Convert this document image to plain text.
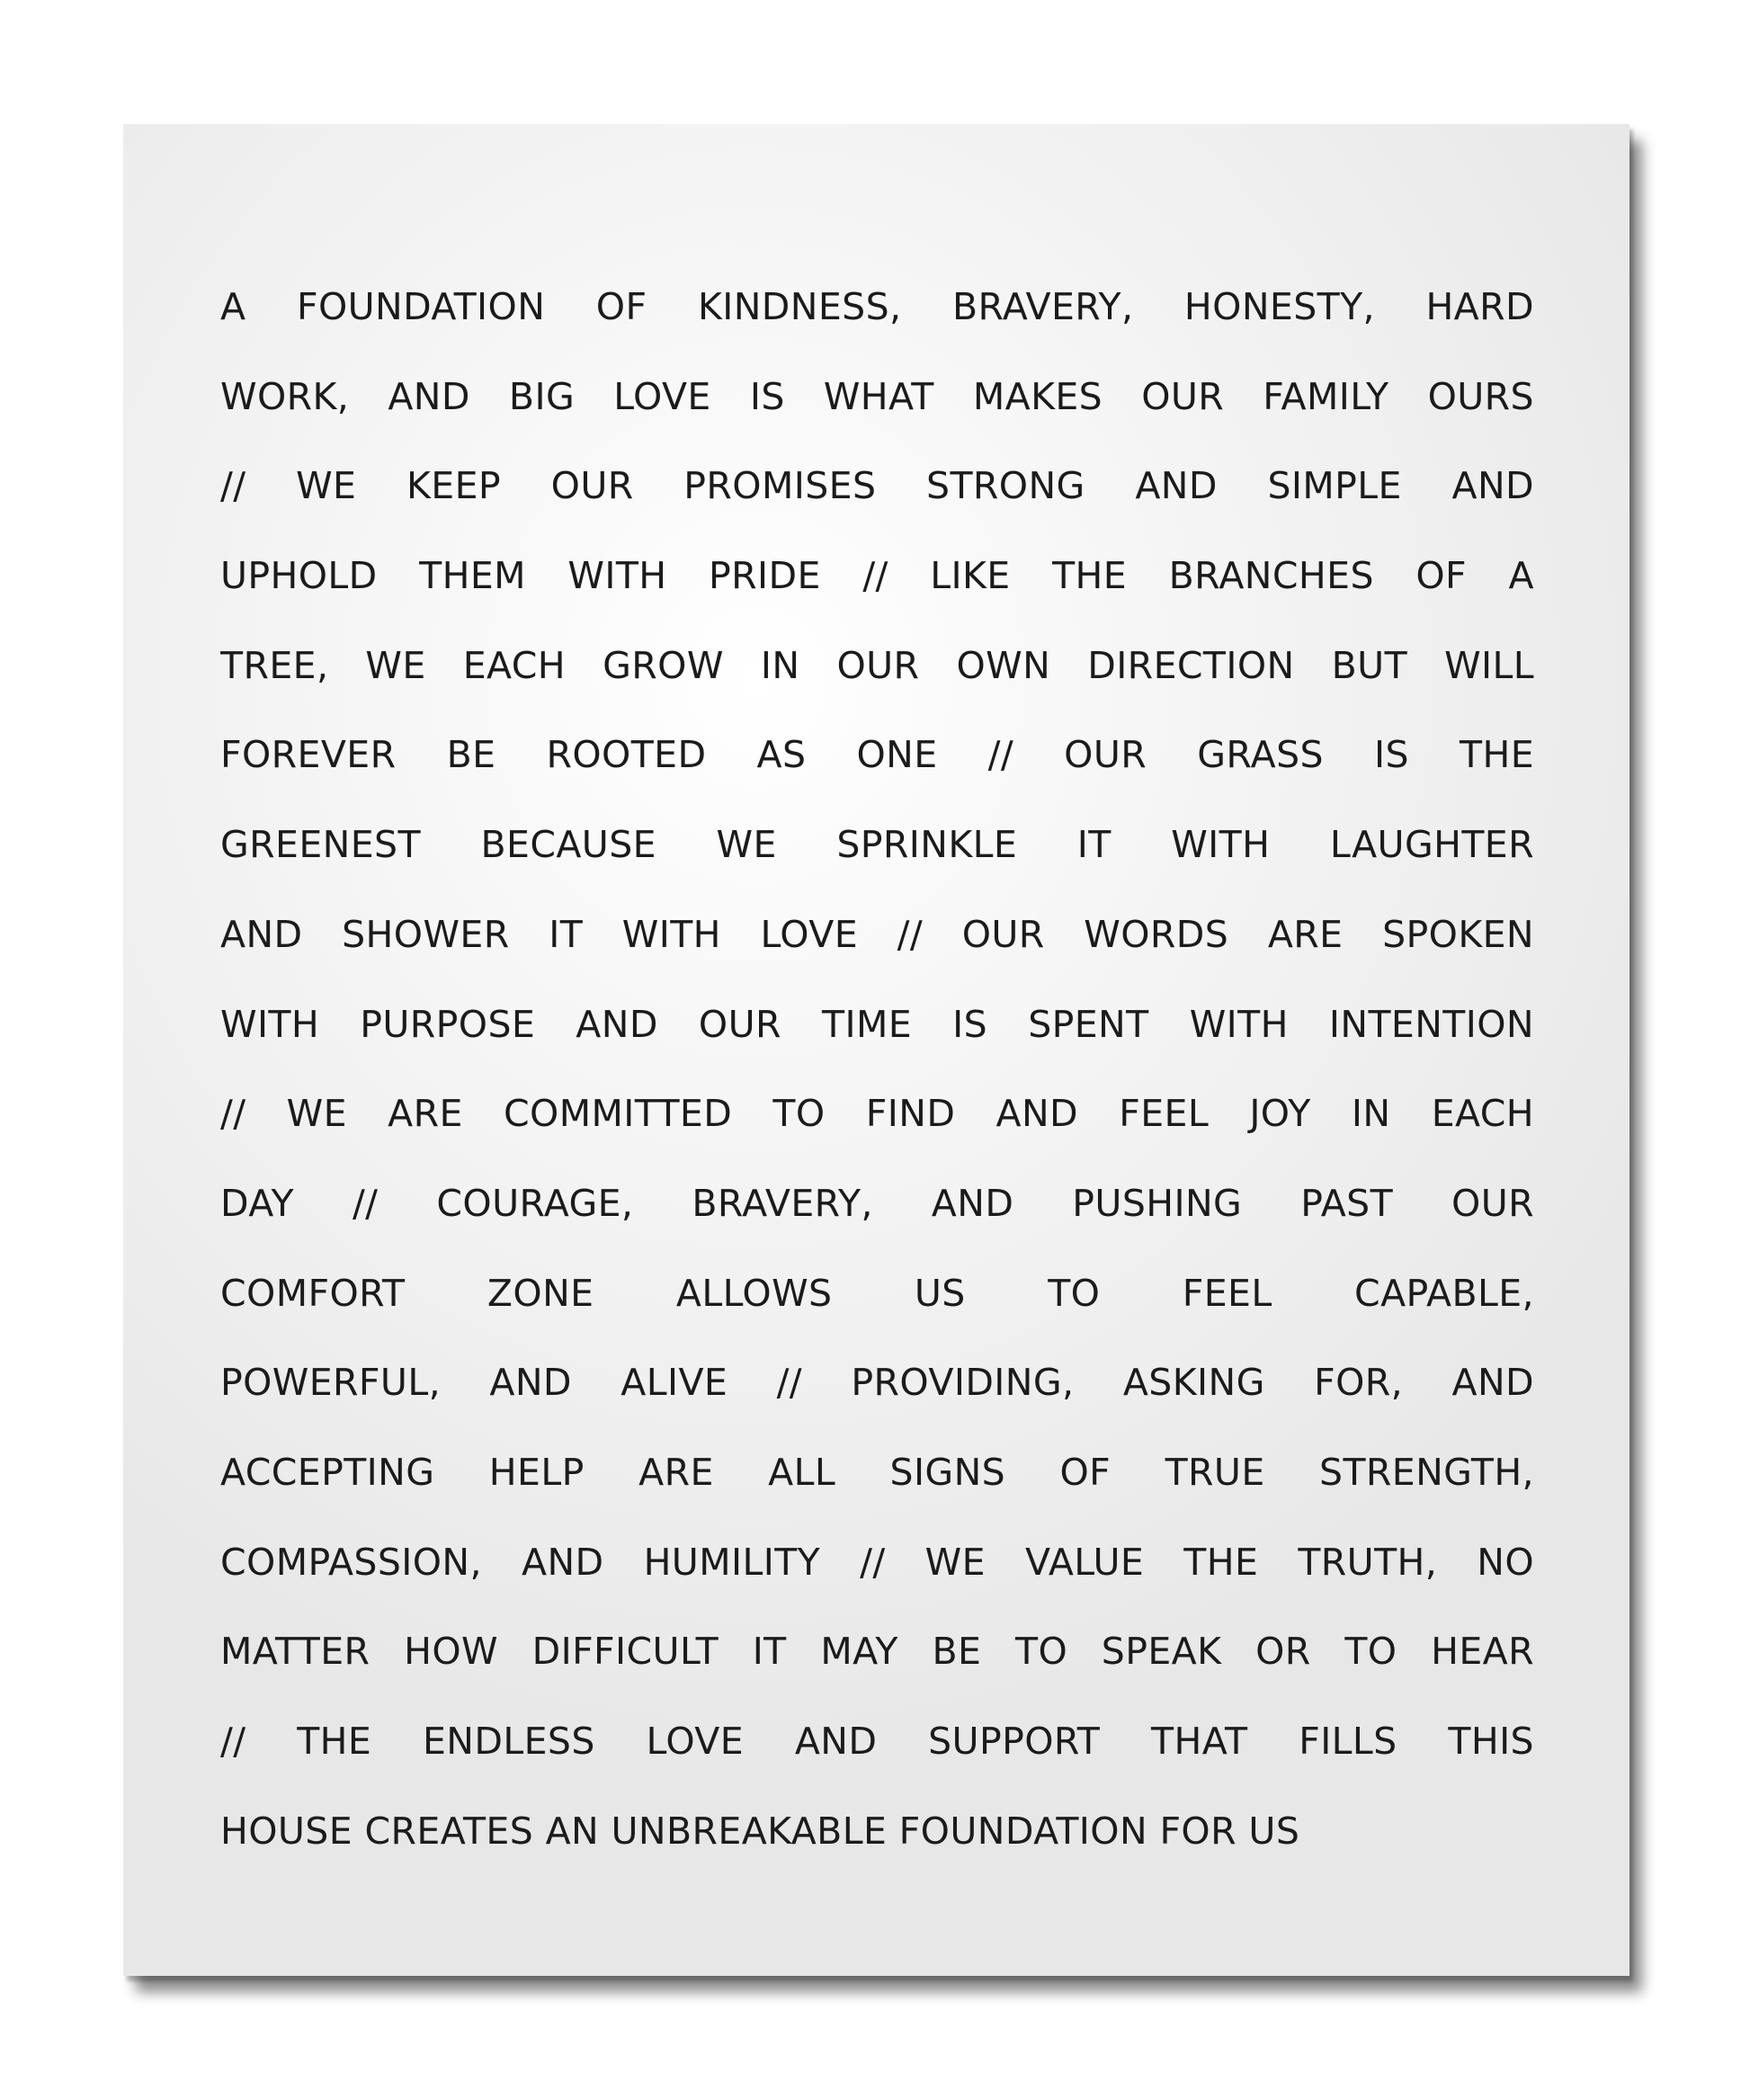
A FOUNDATION OF KINDNESS, BRAVERY, HONESTY, HARD
WORK, AND BIG LOVE IS WHAT MAKES OUR FAMILY OURS
// WE KEEP OUR PROMISES STRONG AND SIMPLE AND
UPHOLD THEM WITH PRIDE // LIKE THE BRANCHES OF A
TREE, WE EACH GROW IN OUR OWN DIRECTION BUT WILL
FOREVER BE ROOTED AS ONE // OUR GRASS IS THE
GREENEST BECAUSE WE SPRINKLE IT WITH LAUGHTER
AND SHOWER IT WITH LOVE // OUR WORDS ARE SPOKEN
WITH PURPOSE AND OUR TIME IS SPENT WITH INTENTION
// WE ARE COMMITTED TO FIND AND FEEL JOY IN EACH
DAY // COURAGE, BRAVERY, AND PUSHING PAST OUR
COMFORT ZONE ALLOWS US TO FEEL CAPABLE,
POWERFUL, AND ALIVE // PROVIDING, ASKING FOR, AND
ACCEPTING HELP ARE ALL SIGNS OF TRUE STRENGTH,
COMPASSION, AND HUMILITY // WE VALUE THE TRUTH, NO
MATTER HOW DIFFICULT IT MAY BE TO SPEAK OR TO HEAR
// THE ENDLESS LOVE AND SUPPORT THAT FILLS THIS
HOUSE CREATES AN UNBREAKABLE FOUNDATION FOR US
